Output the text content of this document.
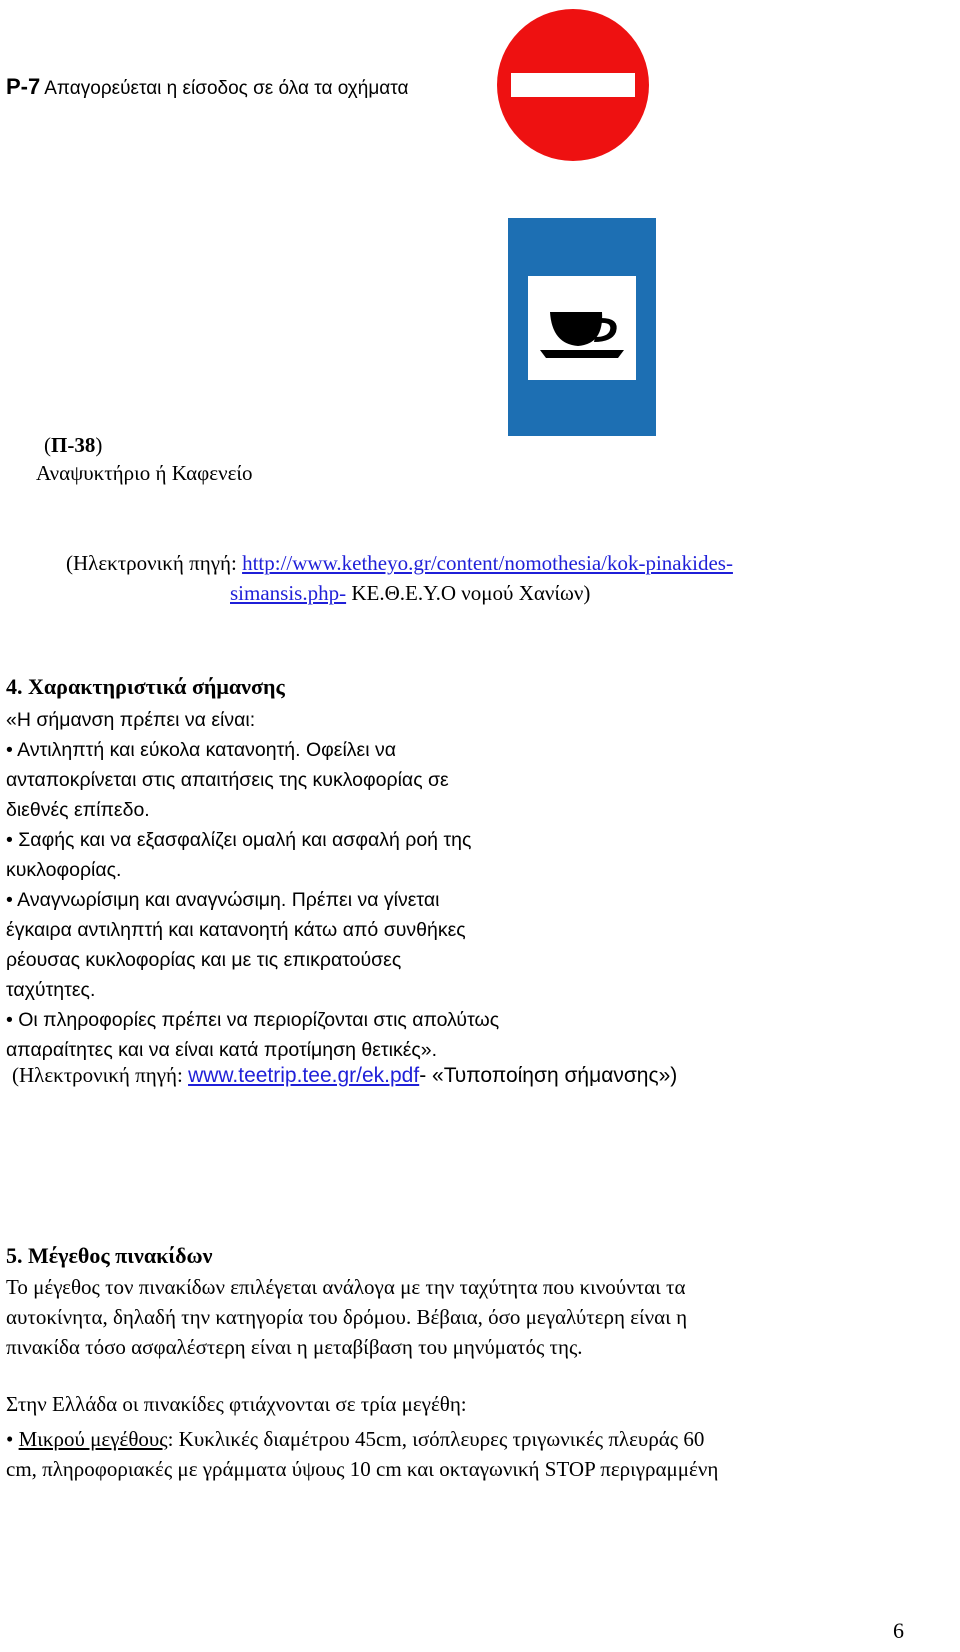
P-7 Απαγορεύεται η είσοδος σε όλα τα οχήματα
(Π-38)
Αναψυκτήριο ή Καφενείο
(Ηλεκτρονική πηγή: http://www.ketheyo.gr/content/nomothesia/kok-pinakides-
simansis.php- ΚΕ.Θ.Ε.Υ.Ο νομού Χανίων)
4. Χαρακτηριστικά σήμανσης
«Η σήμανση πρέπει να είναι:
• Αντιληπτή και εύκολα κατανοητή. Οφείλει να
ανταποκρίνεται στις απαιτήσεις της κυκλοφορίας σε
διεθνές επίπεδο.
• Σαφής και να εξασφαλίζει ομαλή και ασφαλή ροή της
κυκλοφορίας.
• Αναγνωρίσιμη και αναγνώσιμη. Πρέπει να γίνεται
έγκαιρα αντιληπτή και κατανοητή κάτω από συνθήκες
ρέουσας κυκλοφορίας και με τις επικρατούσες
ταχύτητες.
• Οι πληροφορίες πρέπει να περιορίζονται στις απολύτως
απαραίτητες και να είναι κατά προτίμηση θετικές».
(Ηλεκτρονική πηγή: www.teetrip.tee.gr/ek.pdf- «Τυποποίηση σήμανσης»)
5. Μέγεθος πινακίδων
Το μέγεθος τον πινακίδων επιλέγεται ανάλογα με την ταχύτητα που κινούνται τα
αυτοκίνητα, δηλαδή την κατηγορία του δρόμου. Βέβαια, όσο μεγαλύτερη είναι η
πινακίδα τόσο ασφαλέστερη είναι η μεταβίβαση του μηνύματός της.
Στην Ελλάδα οι πινακίδες φτιάχνονται σε τρία μεγέθη:
• Μικρού μεγέθους: Κυκλικές διαμέτρου 45cm, ισόπλευρες τριγωνικές πλευράς 60
cm, πληροφοριακές με γράμματα ύψους 10 cm και οκταγωνική STOP περιγραμμένη
6
